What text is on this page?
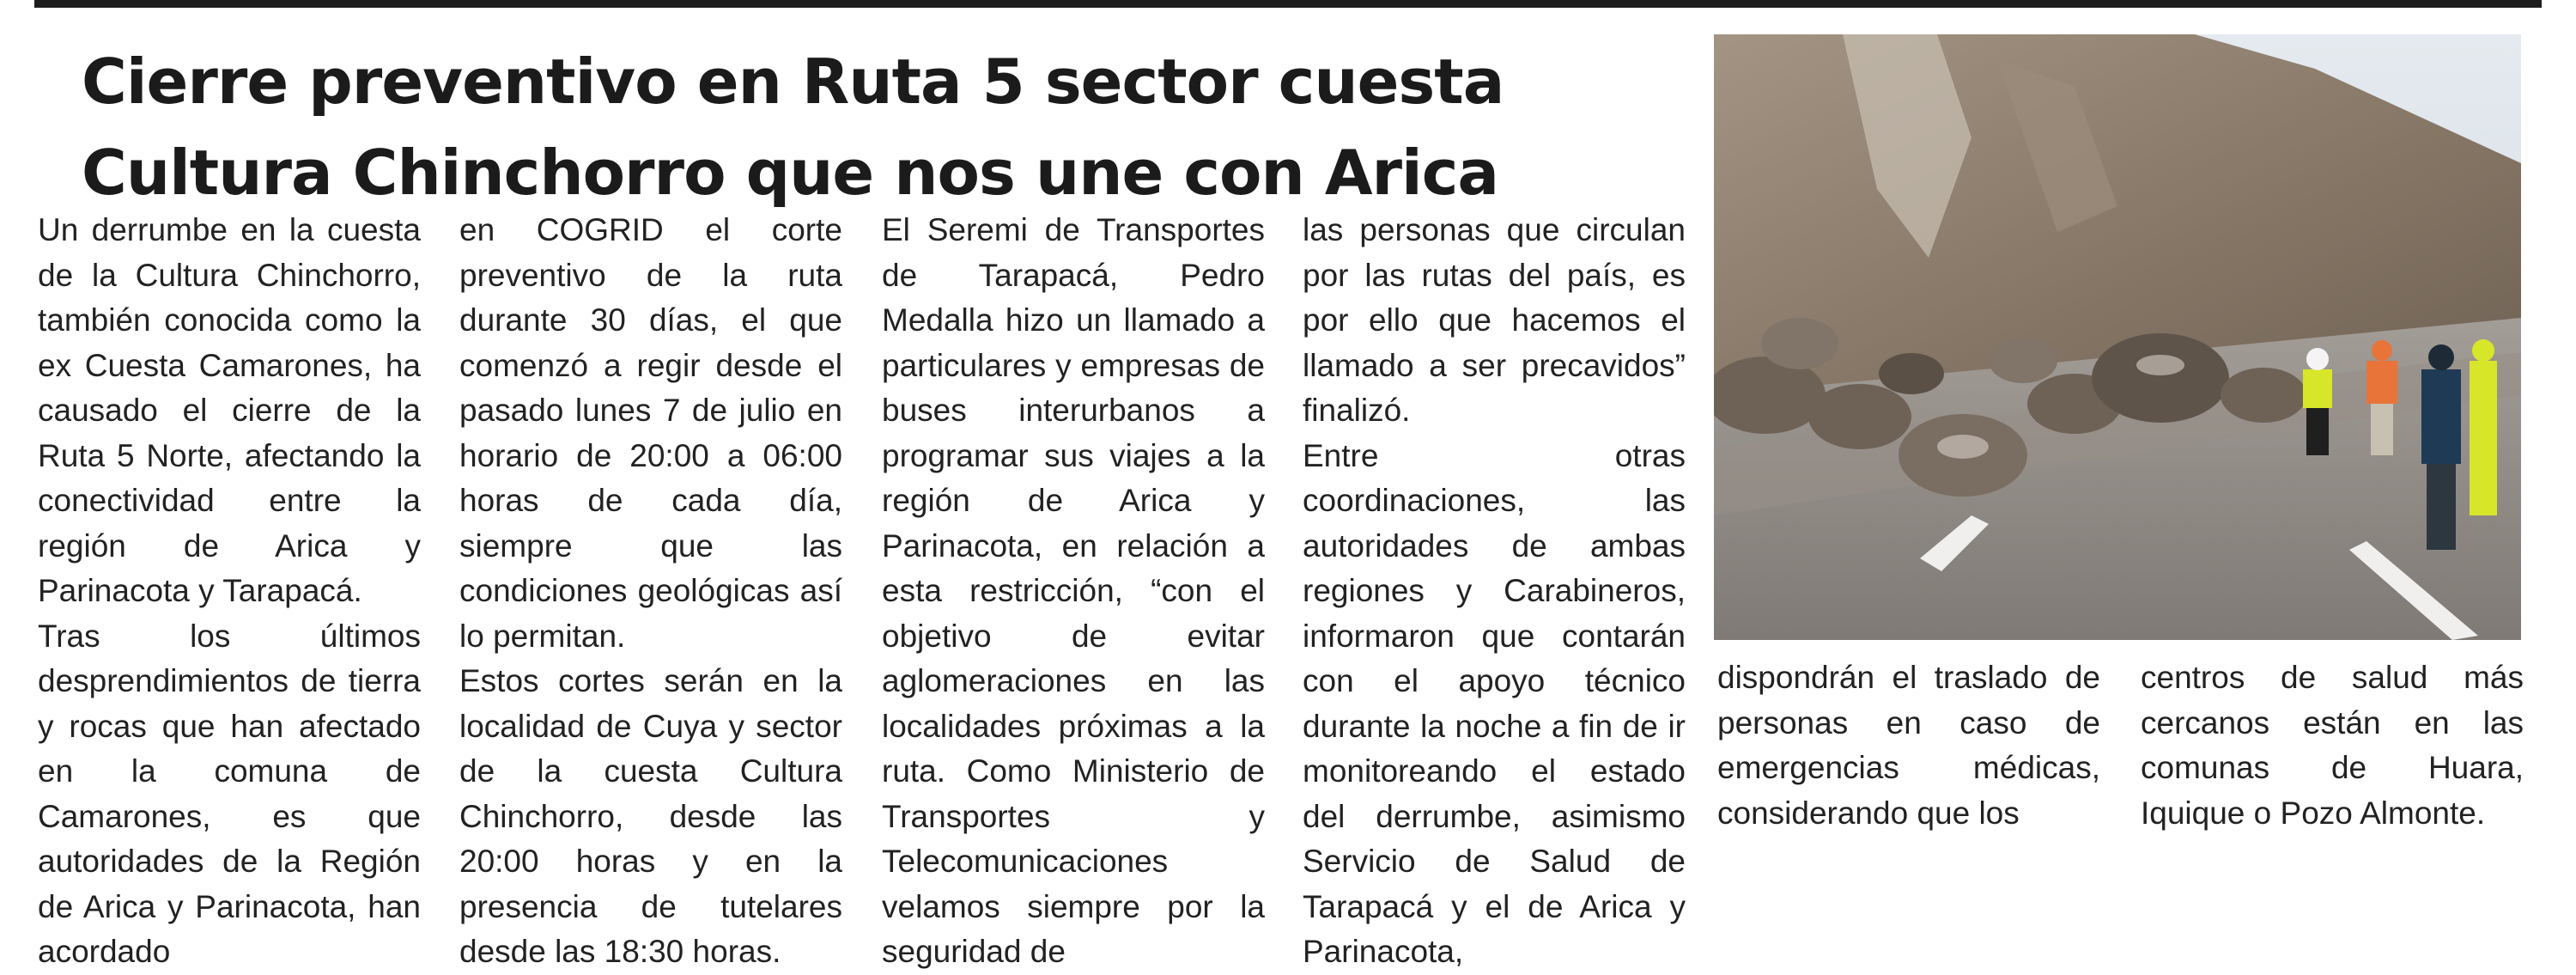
Cierre preventivo en Ruta 5 sector cuesta
Cultura Chinchorro que nos une con Arica

Un derrumbe en la cuesta de la Cultura Chinchorro, también conocida como la ex Cuesta Camarones, ha causado el cierre de la Ruta 5 Norte, afectando la conectividad entre la región de Arica y Parinacota y Tarapacá.

Tras los últimos desprendimientos de tierra y rocas que han afectado en la comuna de Camarones, es que autoridades de la Región de Arica y Parinacota, han acordado

en COGRID el corte preventivo de la ruta durante 30 días, el que comenzó a regir desde el pasado lunes 7 de julio en horario de 20:00 a 06:00 horas de cada día, siempre que las condiciones geológicas así lo permitan.

Estos cortes serán en la localidad de Cuya y sector de la cuesta Cultura Chinchorro, desde las 20:00 horas y en la presencia de tutelares desde las 18:30 horas.

El Seremi de Transportes de Tarapacá, Pedro Medalla hizo un llamado a particulares y empresas de buses interurbanos a programar sus viajes a la región de Arica y Parinacota, en relación a esta restricción, “con el objetivo de evitar aglomeraciones en las localidades próximas a la ruta. Como Ministerio de Transportes y Telecomunicaciones velamos siempre por la seguridad de

las personas que circulan por las rutas del país, es por ello que hacemos el llamado a ser precavidos” finalizó.

Entre otras coordinaciones, las autoridades de ambas regiones y Carabineros, informaron que contarán con el apoyo técnico durante la noche a fin de ir monitoreando el estado del derrumbe, asimismo Servicio de Salud de Tarapacá y el de Arica y Parinacota,

dispondrán el traslado de personas en caso de emergencias médicas, considerando que los

centros de salud más cercanos están en las comunas de Huara, Iquique o Pozo Almonte.
